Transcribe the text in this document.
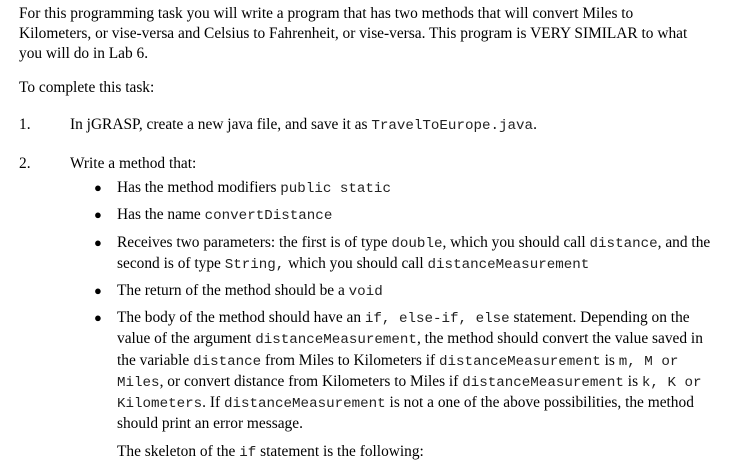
For this programming task you will write a program that has two methods that will convert Miles to Kilometers, or vise-versa and Celsius to Fahrenheit, or vise-versa. This program is VERY SIMILAR to what you will do in Lab 6.

To complete this task:

1.	In jGRASP, create a new java file, and save it as TravelToEurope.java.
2.	Write a method that:
● Has the method modifiers public static
● Has the name convertDistance
● Receives two parameters: the first is of type double, which you should call distance, and the second is of type String, which you should call distanceMeasurement
● The return of the method should be a void
● The body of the method should have an if, else-if, else statement. Depending on the value of the argument distanceMeasurement, the method should convert the value saved in the variable distance from Miles to Kilometers if distanceMeasurement is m, M or Miles, or convert distance from Kilometers to Miles if distanceMeasurement is k, K or Kilometers. If distanceMeasurement is not a one of the above possibilities, the method should print an error message.

The skeleton of the if statement is the following:
